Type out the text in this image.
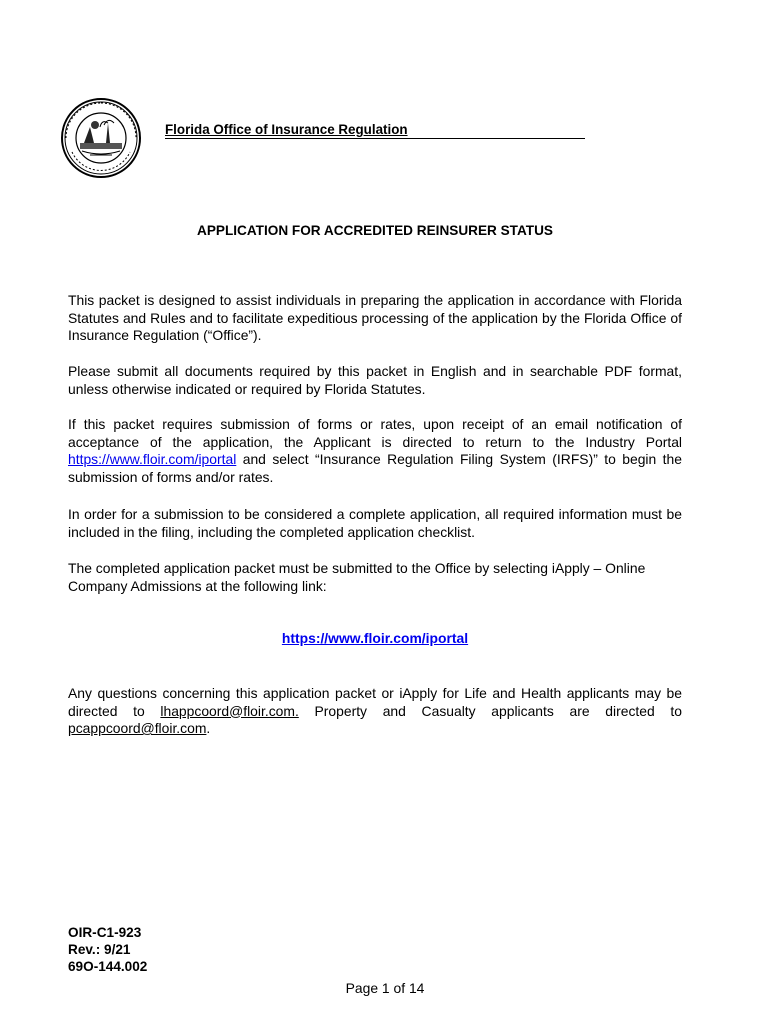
Florida Office of Insurance Regulation
APPLICATION FOR ACCREDITED REINSURER STATUS
This packet is designed to assist individuals in preparing the application in accordance with Florida Statutes and Rules and to facilitate expeditious processing of the application by the Florida Office of Insurance Regulation (“Office”).
Please submit all documents required by this packet in English and in searchable PDF format, unless otherwise indicated or required by Florida Statutes.
If this packet requires submission of forms or rates, upon receipt of an email notification of acceptance of the application, the Applicant is directed to return to the Industry Portal https://www.floir.com/iportal and select “Insurance Regulation Filing System (IRFS)” to begin the submission of forms and/or rates.
In order for a submission to be considered a complete application, all required information must be included in the filing, including the completed application checklist.
The completed application packet must be submitted to the Office by selecting iApply – Online Company Admissions at the following link:
https://www.floir.com/iportal
Any questions concerning this application packet or iApply for Life and Health applicants may be directed to lhappcoord@floir.com. Property and Casualty applicants are directed to pcappcoord@floir.com.
OIR-C1-923
Rev.: 9/21
69O-144.002
Page 1 of 14
